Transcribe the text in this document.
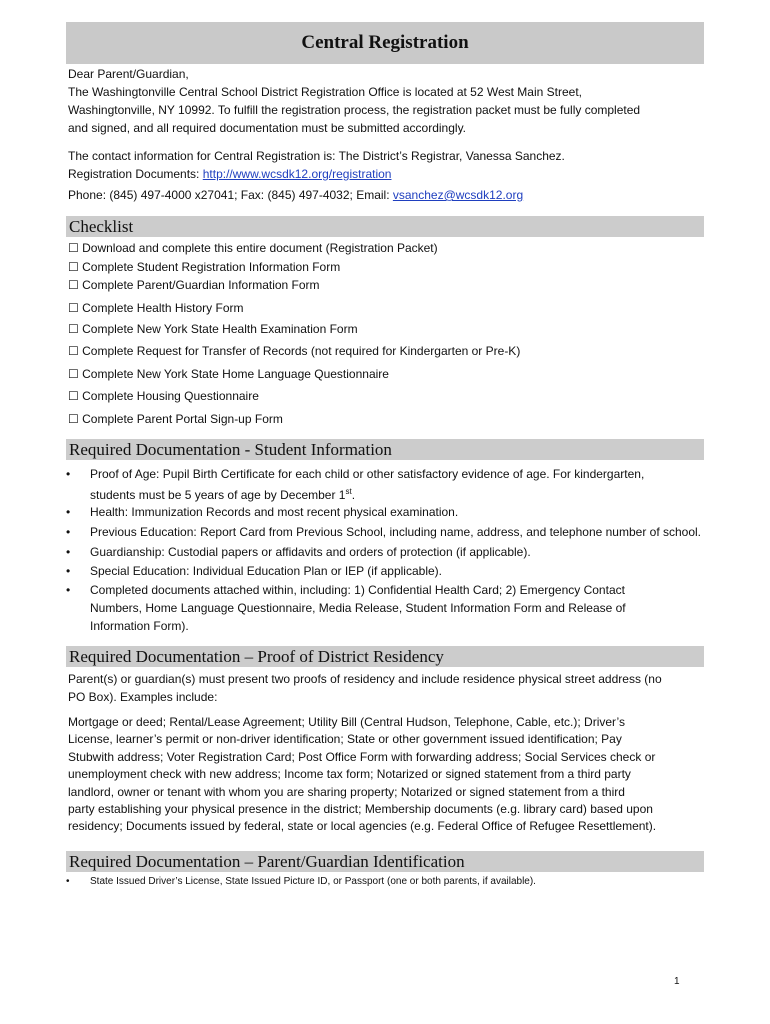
Central Registration

Dear Parent/Guardian,

The Washingtonville Central School District Registration Office is located at 52 West Main Street,

Washingtonville, NY 10992. To fulfill the registration process, the registration packet must be fully completed

and signed, and all required documentation must be submitted accordingly.

The contact information for Central Registration is: The District’s Registrar, Vanessa Sanchez.

Registration Documents: http://www.wcsdk12.org/registration

Phone: (845) 497-4000 x27041; Fax: (845) 497-4032; Email: vsanchez@wcsdk12.org

Checklist
☐ Download and complete this entire document (Registration Packet)
☐ Complete Student Registration Information Form
☐ Complete Parent/Guardian Information Form
☐ Complete Health History Form
☐ Complete New York State Health Examination Form
☐ Complete Request for Transfer of Records (not required for Kindergarten or Pre-K)
☐ Complete New York State Home Language Questionnaire
☐ Complete Housing Questionnaire
☐ Complete Parent Portal Sign-up Form
Required Documentation - Student Information
• Proof of Age: Pupil Birth Certificate for each child or other satisfactory evidence of age. For kindergarten,
students must be 5 years of age by December 1st.
• Health: Immunization Records and most recent physical examination.
• Previous Education: Report Card from Previous School, including name, address, and telephone number of school.
• Guardianship: Custodial papers or affidavits and orders of protection (if applicable).
• Special Education: Individual Education Plan or IEP (if applicable).
• Completed documents attached within, including: 1) Confidential Health Card; 2) Emergency Contact
Numbers, Home Language Questionnaire, Media Release, Student Information Form and Release of
Information Form).
Required Documentation – Proof of District Residency

Parent(s) or guardian(s) must present two proofs of residency and include residence physical street address (no

PO Box). Examples include:

Mortgage or deed; Rental/Lease Agreement; Utility Bill (Central Hudson, Telephone, Cable, etc.); Driver’s

License, learner’s permit or non-driver identification; State or other government issued identification; Pay

Stubwith address; Voter Registration Card; Post Office Form with forwarding address; Social Services check or

unemployment check with new address; Income tax form; Notarized or signed statement from a third party

landlord, owner or tenant with whom you are sharing property; Notarized or signed statement from a third

party establishing your physical presence in the district; Membership documents (e.g. library card) based upon

residency; Documents issued by federal, state or local agencies (e.g. Federal Office of Refugee Resettlement).

Required Documentation – Parent/Guardian Identification
• State Issued Driver’s License, State Issued Picture ID, or Passport (one or both parents, if available).
1
